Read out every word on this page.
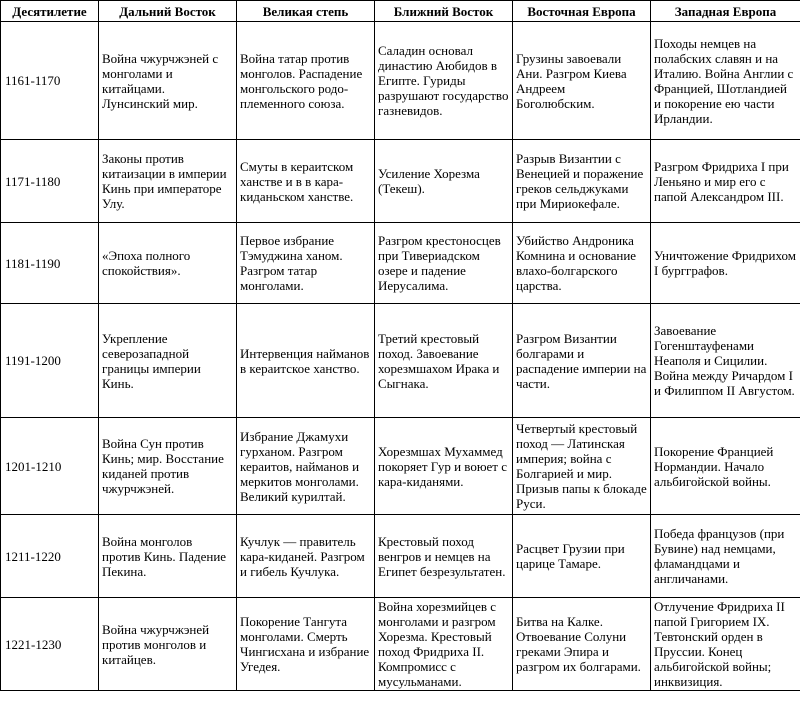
Десятилетие	Дальний Восток	Великая степь	Ближний Восток	Восточная Европа	Западная Европа
1161-1170	Война чжурчжэней с монголами и китайцами. Лунсинский мир.	Война татар против монголов. Распадение монгольского родо-племенного союза.	Саладин основал династию Аюбидов в Египте. Гуриды разрушают государство газневидов.	Грузины завоевали Ани. Разгром Киева Андреем Боголюбским.	Походы немцев на полабских славян и на Италию. Война Англии с Францией, Шотландией и покорение ею части Ирландии.
1171-1180	Законы против китаизации в империи Кинь при императоре Улу.	Смуты в кераитском ханстве и в в кара-киданьском ханстве.	Усиление Хорезма (Текеш).	Разрыв Византии с Венецией и поражение греков сельджуками при Мириокефале.	Разгром Фридриха I при Леньяно и мир его с папой Александром III.
1181-1190	«Эпоха полного спокойствия».	Первое избрание Тэмуджина ханом. Разгром татар монголами.	Разгром крестоносцев при Тивериадском озере и падение Иерусалима.	Убийство Андроника Комнина и основание влахо-болгарского царства.	Уничтожение Фридрихом I бургграфов.
1191-1200	Укрепление северозападной границы империи Кинь.	Интервенция найманов в кераитское ханство.	Третий крестовый поход. Завоевание хорезмшахом Ирака и Сыгнака.	Разгром Византии болгарами и распадение империи на части.	Завоевание Гогенштауфенами Неаполя и Сицилии. Война между Ричардом I и Филиппом II Августом.
1201-1210	Война Сун против Кинь; мир. Восстание киданей против чжурчжэней.	Избрание Джамухи гурханом. Разгром кераитов, найманов и меркитов монголами. Великий курилтай.	Хорезмшах Мухаммед покоряет Гур и воюет с кара-киданями.	Четвертый крестовый поход — Латинская империя; война с Болгарией и мир. Призыв папы к блокаде Руси.	Покорение Францией Нормандии. Начало альбигойской войны.
1211-1220	Война монголов против Кинь. Падение Пекина.	Кучлук — правитель кара-киданей. Разгром и гибель Кучлука.	Крестовый поход венгров и немцев на Египет безрезультатен.	Расцвет Грузии при царице Тамаре.	Победа французов (при Бувине) над немцами, фламандцами и англичанами.
1221-1230	Война чжурчжэней против монголов и китайцев.	Покорение Тангута монголами. Смерть Чингисхана и избрание Угедея.	Война хорезмийцев с монголами и разгром Хорезма. Крестовый поход Фридриха II. Компромисс с мусульманами.	Битва на Калке. Отвоевание Солуни греками Эпира и разгром их болгарами.	Отлучение Фридриха II папой Григорием IX. Тевтонский орден в Пруссии. Конец альбигойской войны; инквизиция.
